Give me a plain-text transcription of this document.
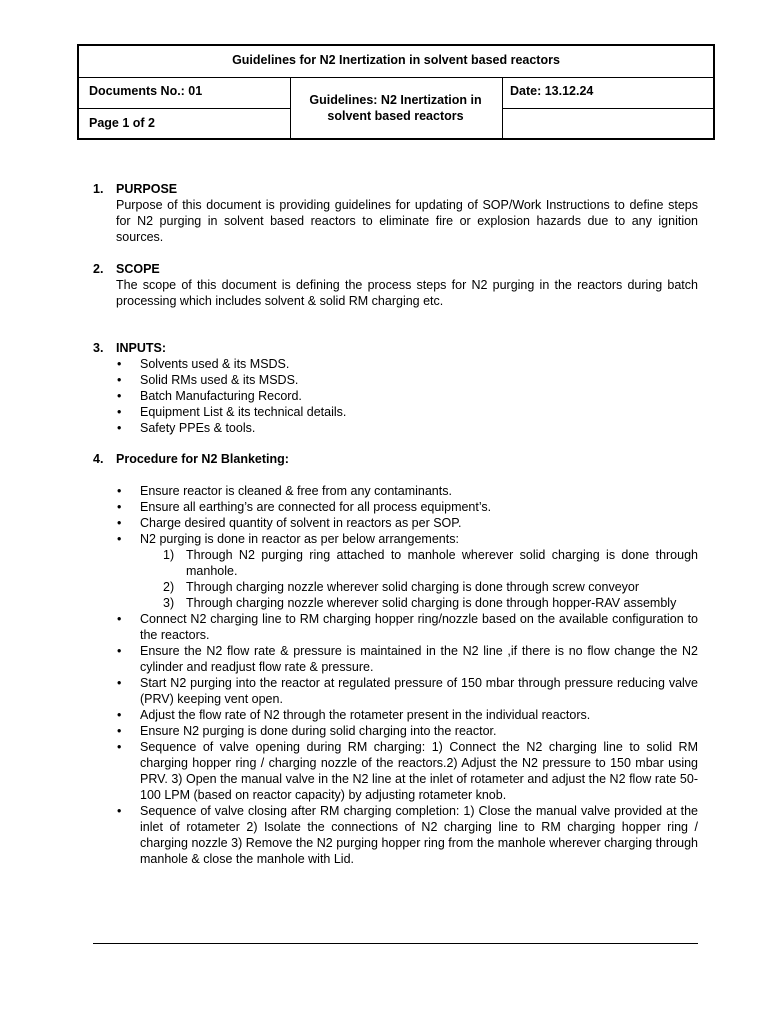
Guidelines for N2 Inertization in solvent based reactors
Documents No.: 01
Page 1 of 2
Guidelines: N2 Inertization in solvent based reactors
Date: 13.12.24
1. PURPOSE
Purpose of this document is providing guidelines for updating of SOP/Work Instructions to define steps for N2 purging in solvent based reactors to eliminate fire or explosion hazards due to any ignition sources.
2. SCOPE
The scope of this document is defining the process steps for N2 purging in the reactors during batch processing which includes solvent & solid RM charging etc.
3. INPUTS:
• Solvents used & its MSDS.
• Solid RMs used & its MSDS.
• Batch Manufacturing Record.
• Equipment List & its technical details.
• Safety PPEs & tools.
4. Procedure for N2 Blanketing:
• Ensure reactor is cleaned & free from any contaminants.
• Ensure all earthing’s are connected for all process equipment’s.
• Charge desired quantity of solvent in reactors as per SOP.
• N2 purging is done in reactor as per below arrangements:
1) Through N2 purging ring attached to manhole wherever solid charging is done through manhole.
2) Through charging nozzle wherever solid charging is done through screw conveyor
3) Through charging nozzle wherever solid charging is done through hopper-RAV assembly
• Connect N2 charging line to RM charging hopper ring/nozzle based on the available configuration to the reactors.
• Ensure the N2 flow rate & pressure is maintained in the N2 line ,if there is no flow change the N2 cylinder and readjust flow rate & pressure.
• Start N2 purging into the reactor at regulated pressure of 150 mbar through pressure reducing valve (PRV) keeping vent open.
• Adjust the flow rate of N2 through the rotameter present in the individual reactors.
• Ensure N2 purging is done during solid charging into the reactor.
• Sequence of valve opening during RM charging: 1) Connect the N2 charging line to solid RM charging hopper ring / charging nozzle of the reactors.2) Adjust the N2 pressure to 150 mbar using PRV. 3) Open the manual valve in the N2 line at the inlet of rotameter and adjust the N2 flow rate 50-100 LPM (based on reactor capacity) by adjusting rotameter knob.
• Sequence of valve closing after RM charging completion: 1) Close the manual valve provided at the inlet of rotameter 2) Isolate the connections of N2 charging line to RM charging hopper ring / charging nozzle 3) Remove the N2 purging hopper ring from the manhole wherever charging through manhole & close the manhole with Lid.
